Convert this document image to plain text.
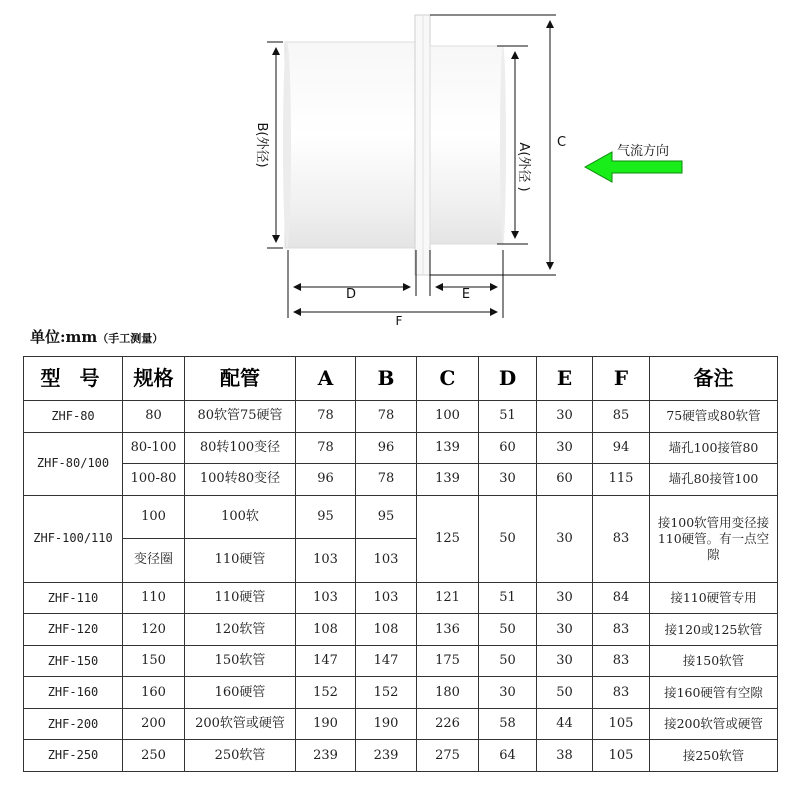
B(外径)	A(外径 ) C
D	E
F
气流方向
单位:mm（手工测量）
型 号	规格	配管	A	B	C	D	E	F	备注
ZHF-80	80	80软管75硬管	78	78	100	51	30	85	75硬管或80软管
ZHF-80/100	80-100	80转100变径	78	96	139	60	30	94	墙孔100接管80
	100-80	100转80变径	96	78	139	30	60	115	墙孔80接管100
ZHF-100/110	100	100软	95	95	125	50	30	83	接100软管用变径接110硬管。有一点空隙
	变径圈	110硬管	103	103					
ZHF-110	110	110硬管	103	103	121	51	30	84	接110硬管专用
ZHF-120	120	120软管	108	108	136	50	30	83	接120或125软管
ZHF-150	150	150软管	147	147	175	50	30	83	接150软管
ZHF-160	160	160硬管	152	152	180	30	50	83	接160硬管有空隙
ZHF-200	200	200软管或硬管	190	190	226	58	44	105	接200软管或硬管
ZHF-250	250	250软管	239	239	275	64	38	105	接250软管
